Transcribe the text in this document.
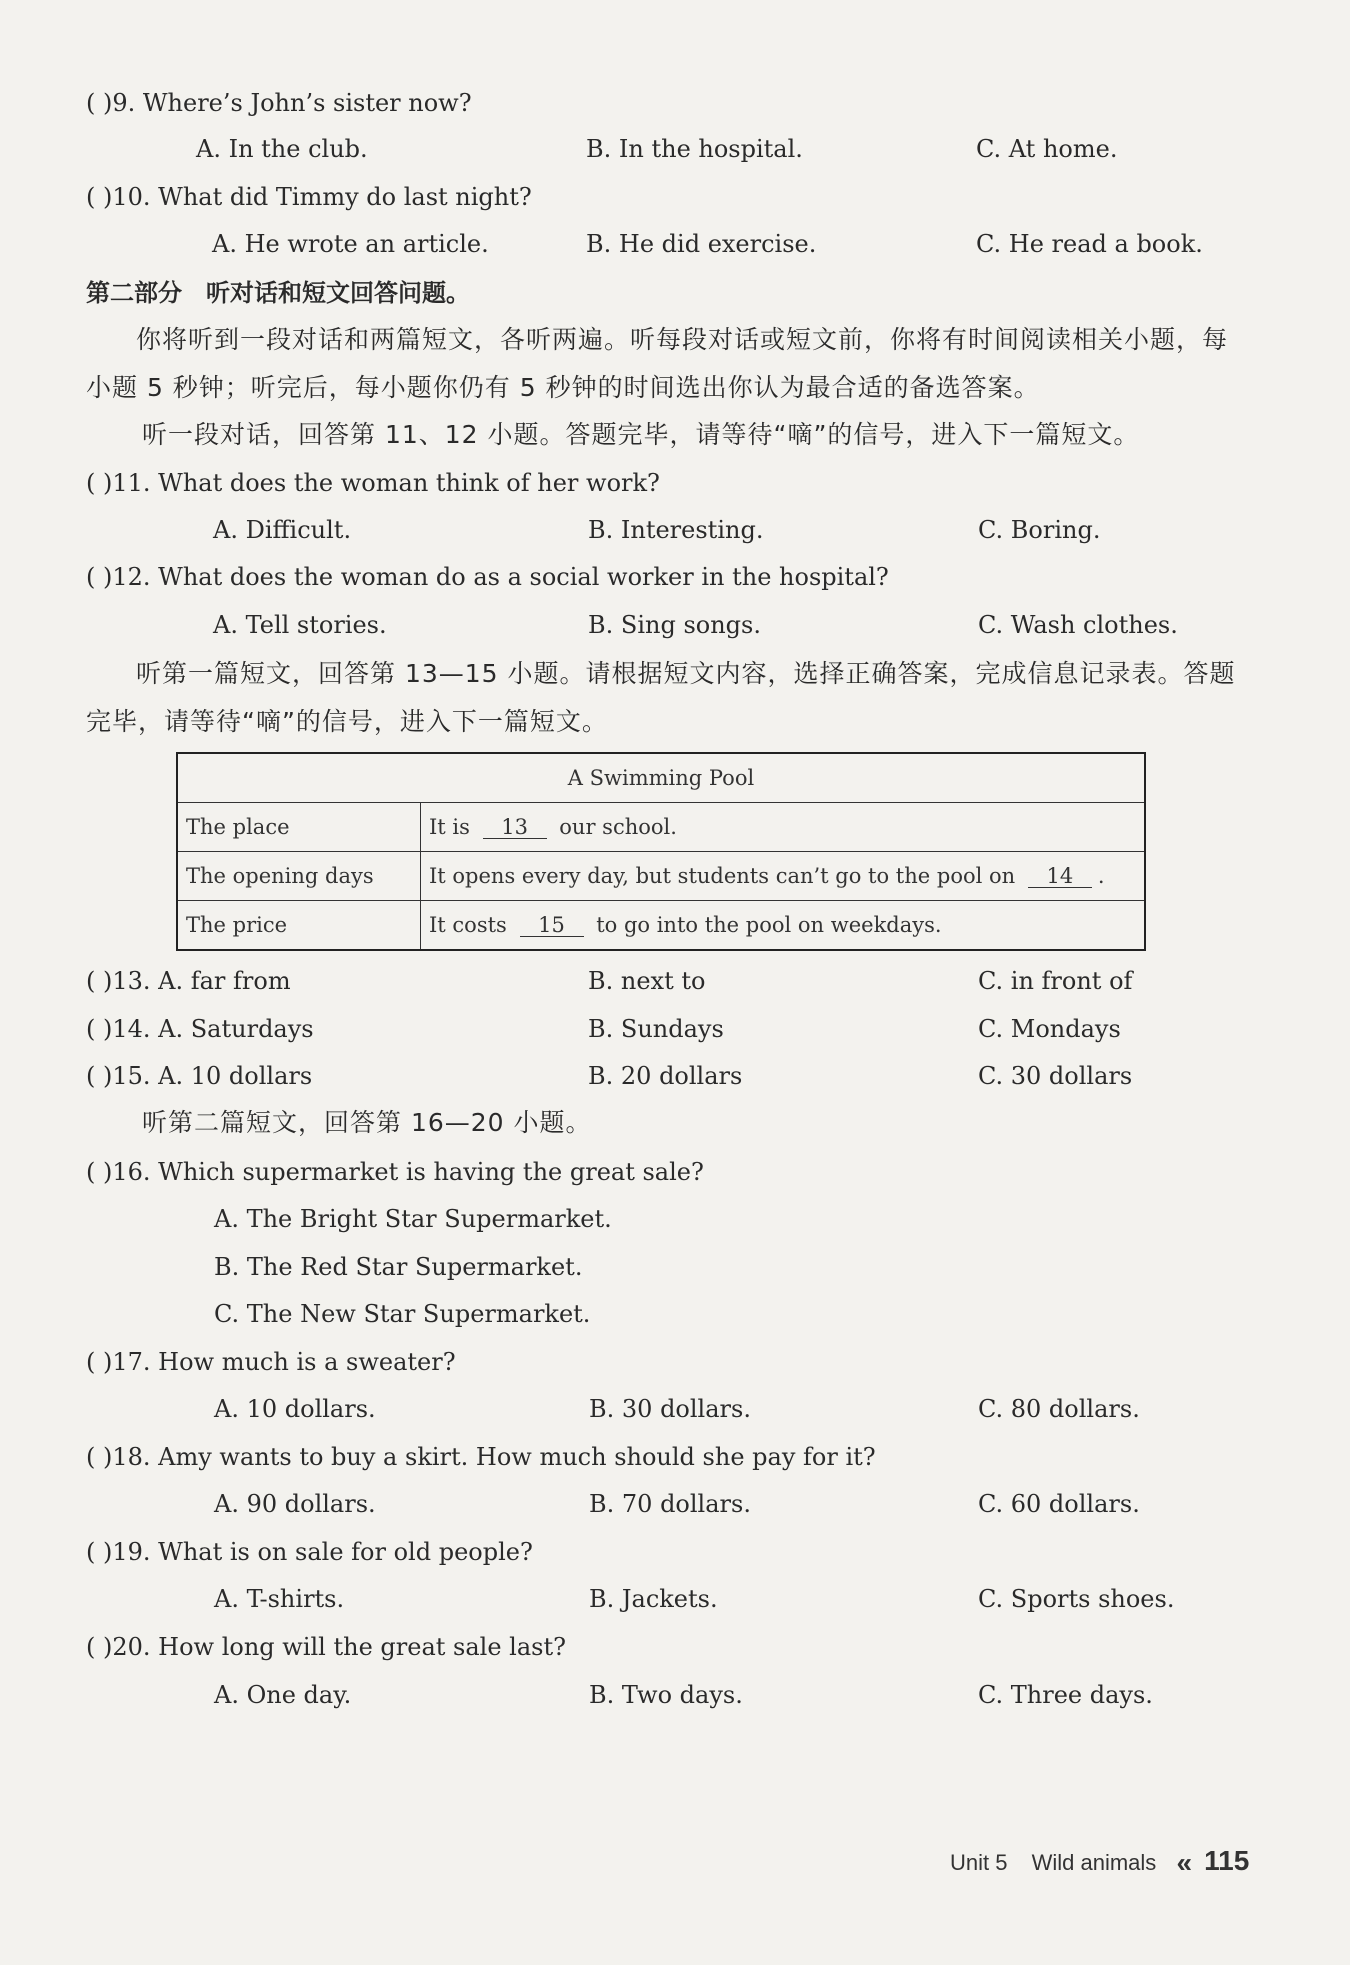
( )9. Where’s John’s sister now?
A. In the club.	B. In the hospital.	C. At home.
( )10. What did Timmy do last night?
A. He wrote an article.	B. He did exercise.	C. He read a book.
第二部分　听对话和短文回答问题。
你将听到一段对话和两篇短文，各听两遍。听每段对话或短文前，你将有时间阅读相关小题，每小题 5 秒钟；听完后，每小题你仍有 5 秒钟的时间选出你认为最合适的备选答案。
听一段对话，回答第 11、12 小题。答题完毕，请等待“嘀”的信号，进入下一篇短文。
( )11. What does the woman think of her work?
A. Difficult.	B. Interesting.	C. Boring.
( )12. What does the woman do as a social worker in the hospital?
A. Tell stories.	B. Sing songs.	C. Wash clothes.
听第一篇短文，回答第 13—15 小题。请根据短文内容，选择正确答案，完成信息记录表。答题完毕，请等待“嘀”的信号，进入下一篇短文。
A Swimming Pool	
The place	It is 13 our school.
The opening days	It opens every day, but students can’t go to the pool on 14 .
The price	It costs 15 to go into the pool on weekdays.
( )13. A. far from	B. next to	C. in front of
( )14. A. Saturdays	B. Sundays	C. Mondays
( )15. A. 10 dollars	B. 20 dollars	C. 30 dollars
听第二篇短文，回答第 16—20 小题。
( )16. Which supermarket is having the great sale?
A. The Bright Star Supermarket.
B. The Red Star Supermarket.
C. The New Star Supermarket.
( )17. How much is a sweater?
A. 10 dollars.	B. 30 dollars.	C. 80 dollars.
( )18. Amy wants to buy a skirt. How much should she pay for it?
A. 90 dollars.	B. 70 dollars.	C. 60 dollars.
( )19. What is on sale for old people?
A. T-shirts.	B. Jackets.	C. Sports shoes.
( )20. How long will the great sale last?
A. One day.	B. Two days.	C. Three days.
Unit 5 Wild animals « 115
